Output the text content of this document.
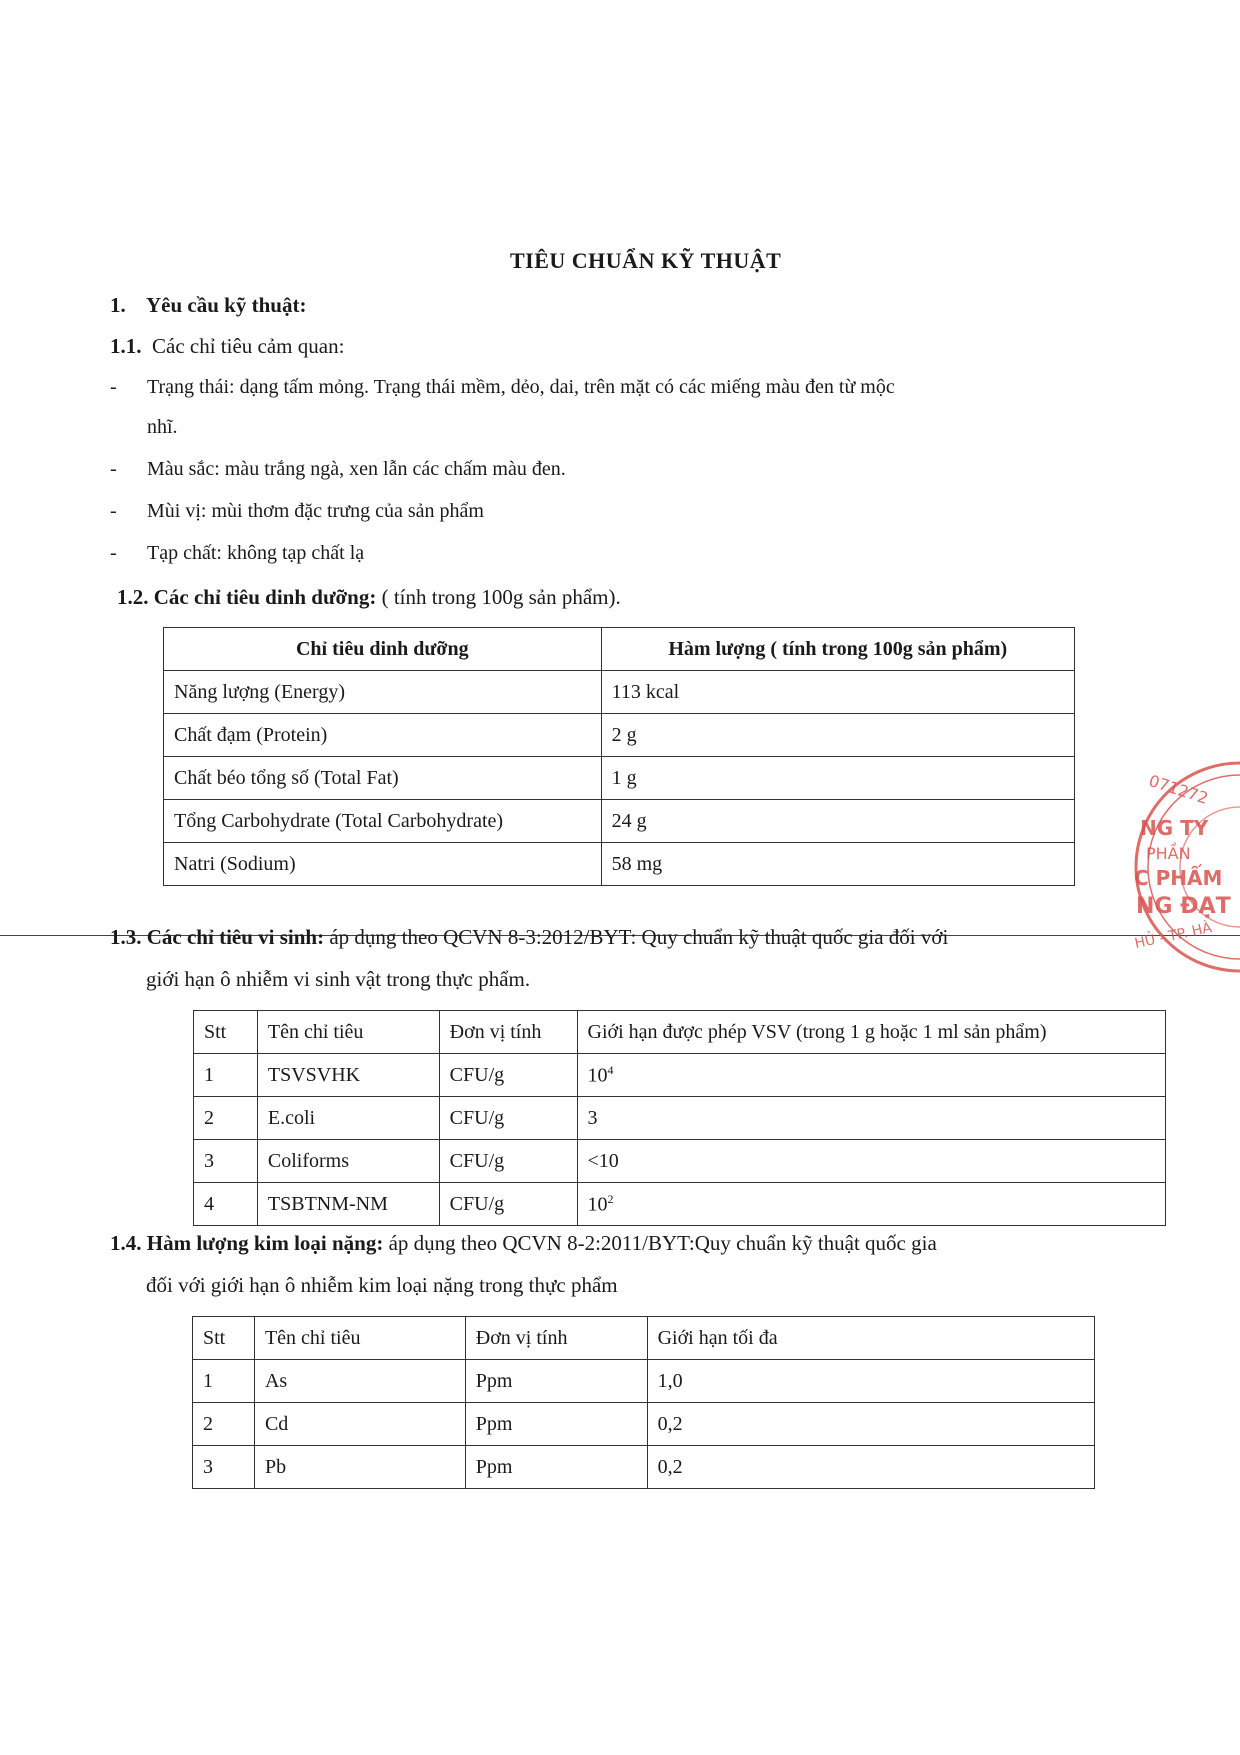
TIÊU CHUẨN KỸ THUẬT
1. Yêu cầu kỹ thuật:
1.1. Các chỉ tiêu cảm quan:
- Trạng thái: dạng tấm mỏng. Trạng thái mềm, dẻo, dai, trên mặt có các miếng màu đen từ mộc
nhĩ.
- Màu sắc: màu trắng ngà, xen lẫn các chấm màu đen.
- Mùi vị: mùi thơm đặc trưng của sản phẩm
- Tạp chất: không tạp chất lạ
1.2. Các chỉ tiêu dinh dưỡng: ( tính trong 100g sản phẩm).
Chỉ tiêu dinh dưỡng	Hàm lượng ( tính trong 100g sản phẩm)
Năng lượng (Energy)	113 kcal
Chất đạm (Protein)	2 g
Chất béo tổng số (Total Fat)	1 g
Tổng Carbohydrate (Total Carbohydrate)	24 g
Natri (Sodium)	58 mg
1.3. Các chỉ tiêu vi sinh: áp dụng theo QCVN 8-3:2012/BYT: Quy chuẩn kỹ thuật quốc gia đối với
giới hạn ô nhiễm vi sinh vật trong thực phẩm.
Stt	Tên chỉ tiêu	Đơn vị tính	Giới hạn được phép VSV (trong 1 g hoặc 1 ml sản phẩm)
1	TSVSVHK	CFU/g	$10^4$
2	E.coli	CFU/g	3
3	Coliforms	CFU/g	<10
4	TSBTNM-NM	CFU/g	$10^2$
1.4. Hàm lượng kim loại nặng: áp dụng theo QCVN 8-2:2011/BYT:Quy chuẩn kỹ thuật quốc gia
đối với giới hạn ô nhiễm kim loại nặng trong thực phẩm
Stt	Tên chỉ tiêu	Đơn vị tính	Giới hạn tối đa
1	As	Ppm	1,0
2	Cd	Ppm	0,2
3	Pb	Ppm	0,2
071272
NG TY
PHẦN
C PHẨM
NG ĐẠT
HỦ - TP. HÀ
